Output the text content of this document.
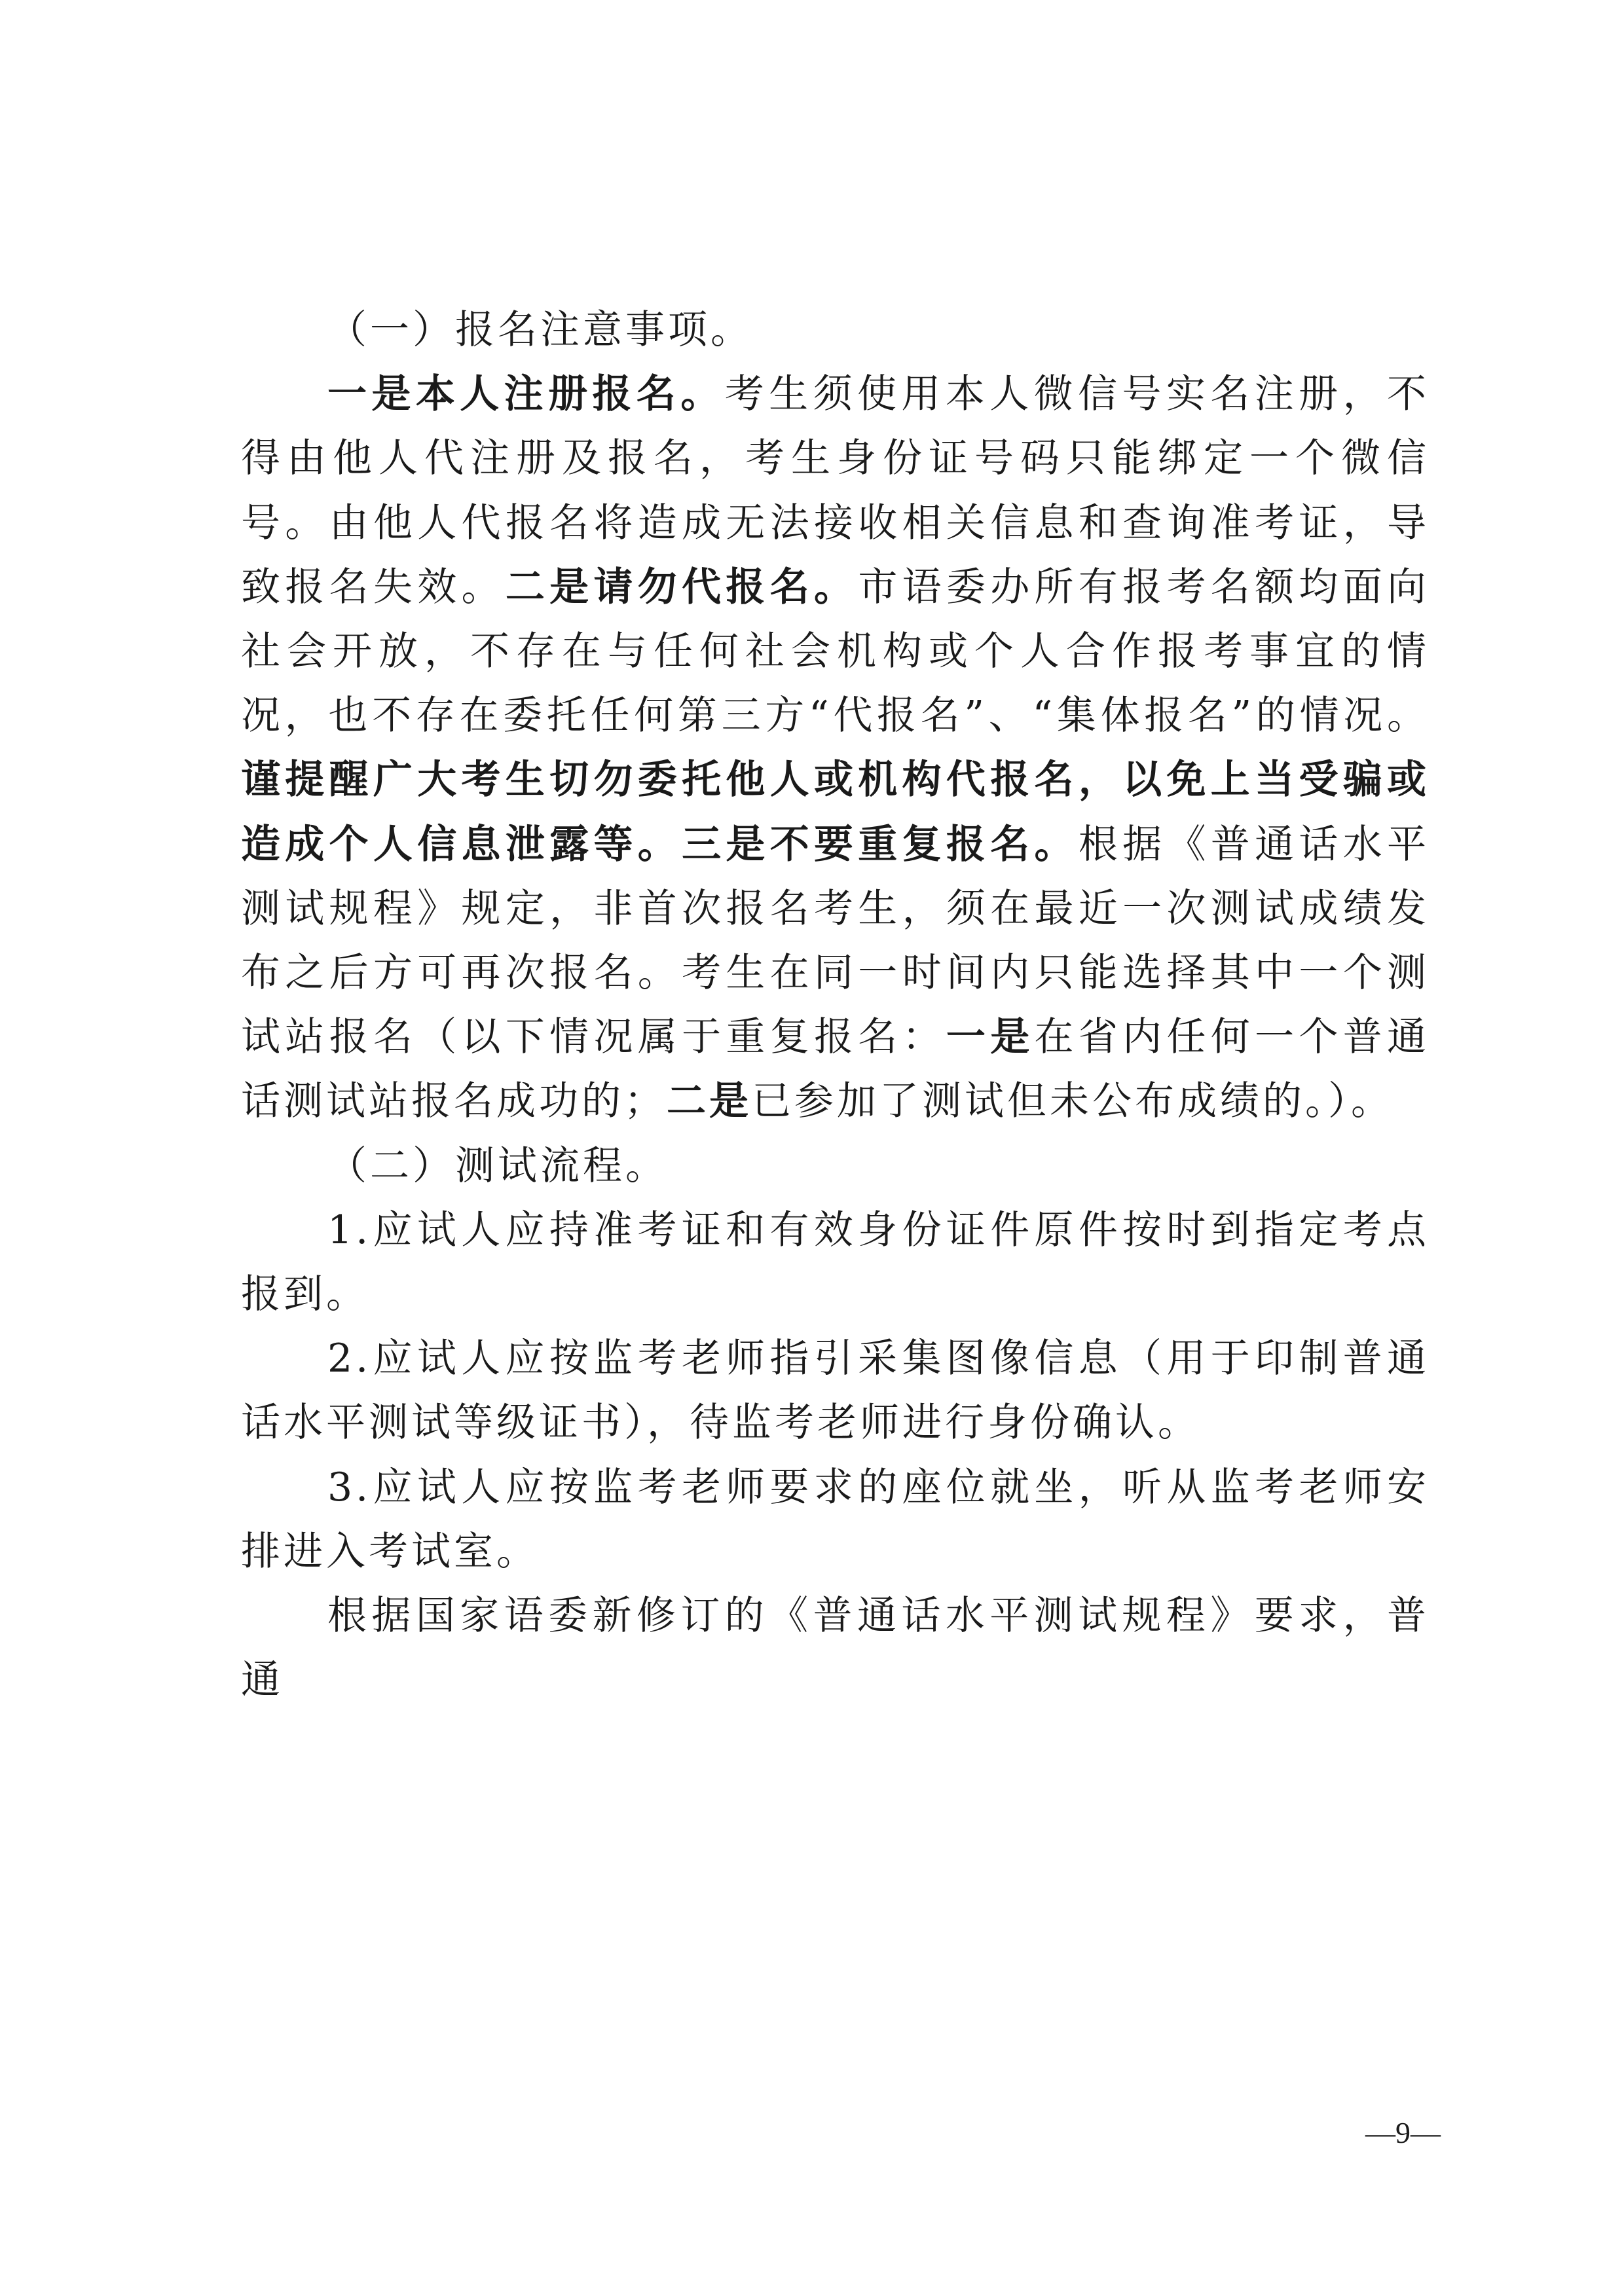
（一）报名注意事项。

一是本人注册报名。考生须使用本人微信号实名注册，不得由他人代注册及报名，考生身份证号码只能绑定一个微信号。由他人代报名将造成无法接收相关信息和查询准考证，导致报名失效。二是请勿代报名。市语委办所有报考名额均面向社会开放，不存在与任何社会机构或个人合作报考事宜的情况，也不存在委托任何第三方“代报名”、“集体报名”的情况。谨提醒广大考生切勿委托他人或机构代报名，以免上当受骗或造成个人信息泄露等。三是不要重复报名。根据《普通话水平测试规程》规定，非首次报名考生，须在最近一次测试成绩发布之后方可再次报名。考生在同一时间内只能选择其中一个测试站报名（以下情况属于重复报名：一是在省内任何一个普通话测试站报名成功的；二是已参加了测试但未公布成绩的。）。

（二）测试流程。

1.应试人应持准考证和有效身份证件原件按时到指定考点报到。

2.应试人应按监考老师指引采集图像信息（用于印制普通话水平测试等级证书），待监考老师进行身份确认。

3.应试人应按监考老师要求的座位就坐，听从监考老师安排进入考试室。

根据国家语委新修订的《普通话水平测试规程》要求，普通

—9—
